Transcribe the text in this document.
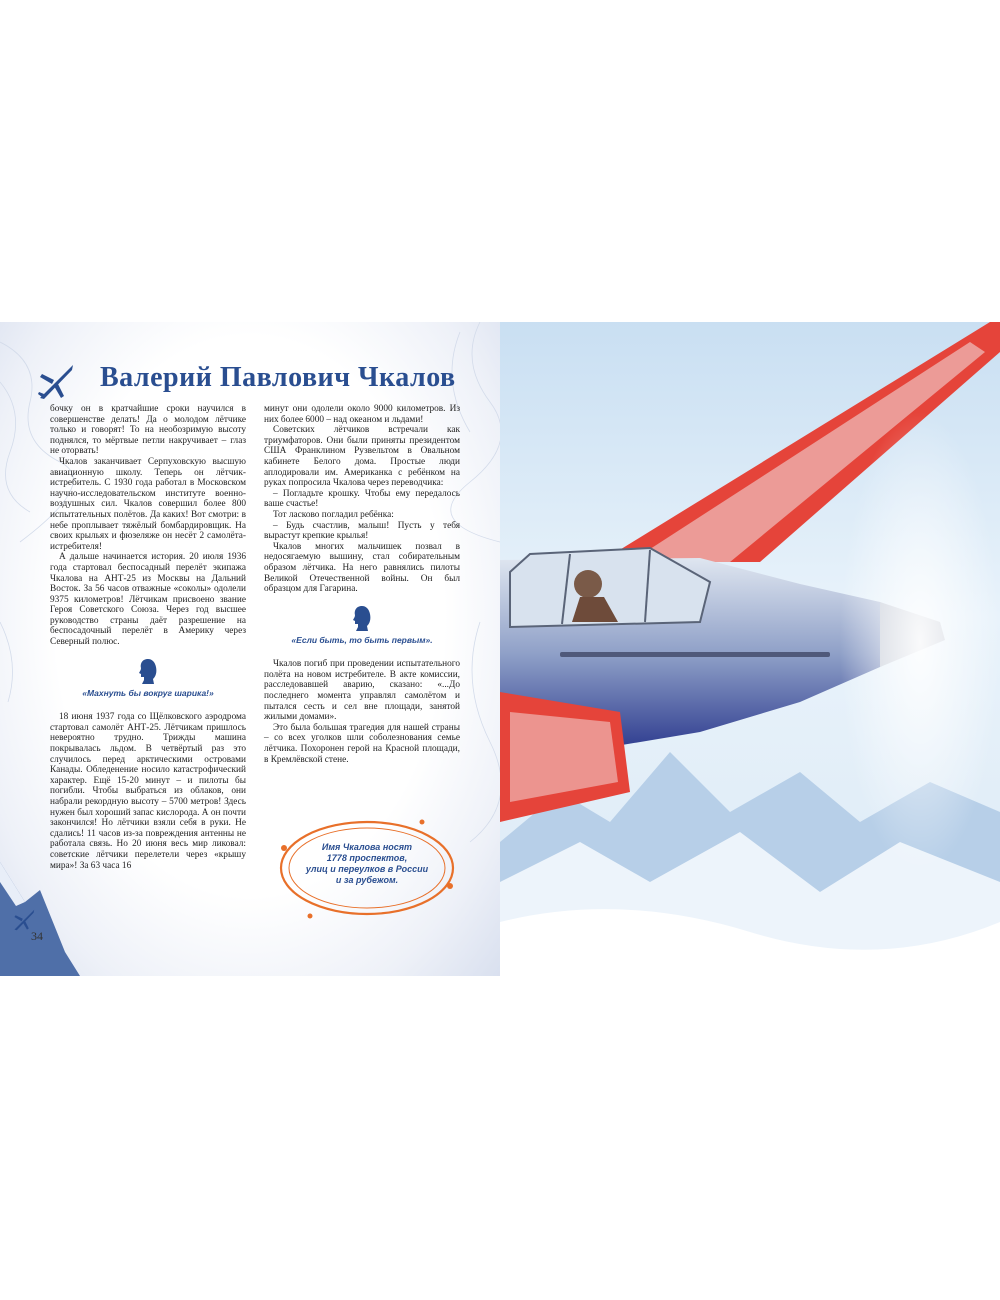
Валерий Павлович Чкалов

бочку он в кратчайшие сроки научился в совершенстве делать! Да о молодом лётчике только и говорят! То на необозримую высоту поднялся, то мёртвые петли накручивает – глаз не оторвать!

Чкалов заканчивает Серпуховскую высшую авиационную школу. Теперь он лётчик-истребитель. С 1930 года работал в Московском научно-исследовательском институте военно-воздушных сил. Чкалов совершил более 800 испытательных полётов. Да каких! Вот смотри: в небе проплывает тяжёлый бомбардировщик. На своих крыльях и фюзеляже он несёт 2 самолёта-истребителя!

А дальше начинается история. 20 июля 1936 года стартовал беспосадный перелёт экипажа Чкалова на АНТ-25 из Москвы на Дальний Восток. За 56 часов отважные «соколы» одолели 9375 километров! Лётчикам присвоено звание Героя Советского Союза. Через год высшее руководство страны даёт разрешение на беспосадочный перелёт в Америку через Северный полюс.

«Махнуть бы вокруг шарика!»

18 июня 1937 года со Щёлковского аэродрома стартовал самолёт АНТ-25. Лётчикам пришлось невероятно трудно. Трижды машина покрывалась льдом. В четвёртый раз это случилось перед арктическими островами Канады. Обледенение носило катастрофический характер. Ещё 15-20 минут – и пилоты бы погибли. Чтобы выбраться из облаков, они набрали рекордную высоту – 5700 метров! Здесь нужен был хороший запас кислорода. А он почти закончился! Но лётчики взяли себя в руки. Не сдались! 11 часов из-за повреждения антенны не работала связь. Но 20 июня весь мир ликовал: советские лётчики перелетели через «крышу мира»! За 63 часа 16

минут они одолели около 9000 километров. Из них более 6000 – над океаном и льдами!

Советских лётчиков встречали как триумфаторов. Они были приняты президентом США Франклином Рузвельтом в Овальном кабинете Белого дома. Простые люди аплодировали им. Американка с ребёнком на руках попросила Чкалова через переводчика:

– Погладьте крошку. Чтобы ему передалось ваше счастье!

Тот ласково погладил ребёнка:

– Будь счастлив, малыш! Пусть у тебя вырастут крепкие крылья!

Чкалов многих мальчишек позвал в недосягаемую вышину, стал собирательным образом лётчика. На него равнялись пилоты Великой Отечественной войны. Он был образцом для Гагарина.

«Если быть, то быть первым».

Чкалов погиб при проведении испытательного полёта на новом истребителе. В акте комиссии, расследовавшей аварию, сказано: «...До последнего момента управлял самолётом и пытался сесть и сел вне площади, занятой жилыми домами».

Это была большая трагедия для нашей страны – со всех уголков шли соболезнования семье лётчика. Похоронен герой на Красной площади, в Кремлёвской стене.

Имя Чкалова носят
1778 проспектов,
улиц и переулков в России
и за рубежом.
34
